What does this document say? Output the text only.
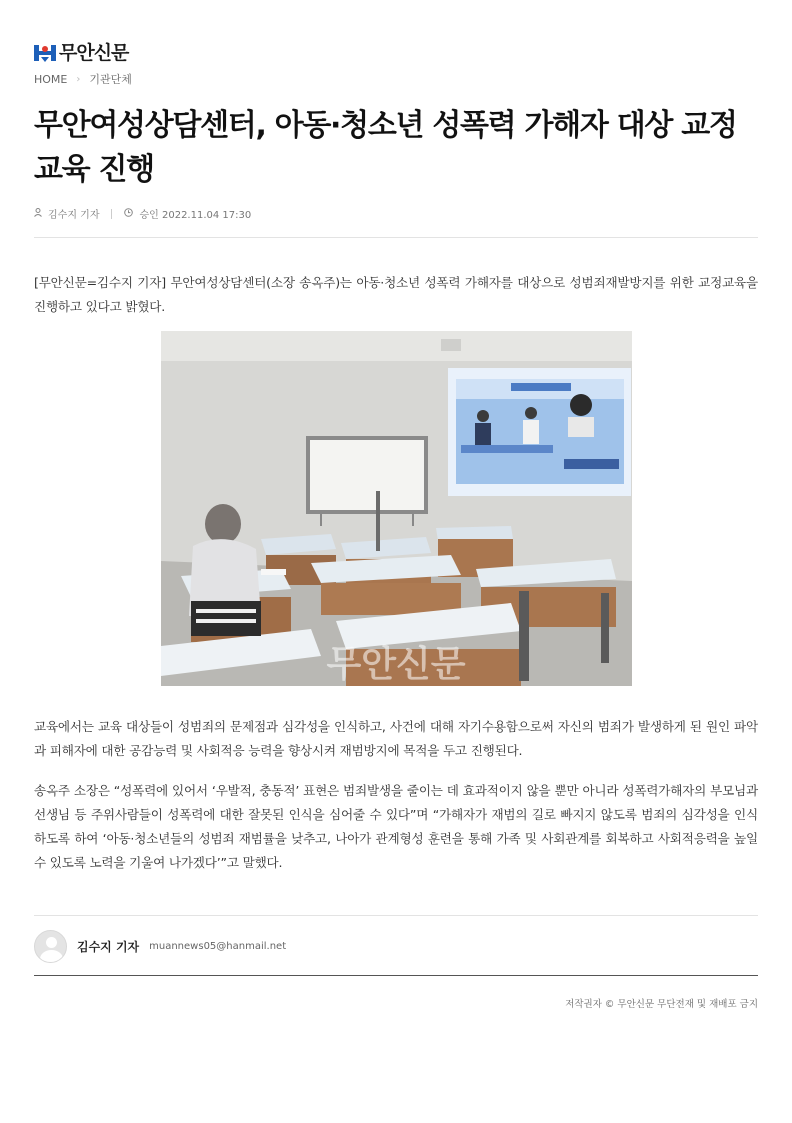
무안신문
HOME › 기관단체
무안여성상담센터, 아동·청소년 성폭력 가해자 대상 교정
교육 진행
김수지 기자	승인 2022.11.04 17:30

[무안신문=김수지 기자] 무안여성상담센터(소장 송옥주)는 아동·청소년 성폭력 가해자를 대상으로 성범죄재발방지를 위한 교정교육을 진행하고 있다고 밝혔다.

무안신문

교육에서는 교육 대상들이 성범죄의 문제점과 심각성을 인식하고, 사건에 대해 자기수용함으로써 자신의 범죄가 발생하게 된 원인 파악과 피해자에 대한 공감능력 및 사회적응 능력을 향상시켜 재범방지에 목적을 두고 진행된다.

송옥주 소장은 “성폭력에 있어서 ‘우발적, 충동적’ 표현은 범죄발생을 줄이는 데 효과적이지 않을 뿐만 아니라 성폭력가해자의 부모님과 선생님 등 주위사람들이 성폭력에 대한 잘못된 인식을 심어줄 수 있다”며 “가해자가 재범의 길로 빠지지 않도록 범죄의 심각성을 인식 하도록 하여 ‘아동·청소년들의 성범죄 재범률을 낮추고, 나아가 관계형성 훈련을 통해 가족 및 사회관계를 회복하고 사회적응력을 높일 수 있도록 노력을 기울여 나가겠다’”고 말했다.

김수지 기자 muannews05@hanmail.net
저작권자 © 무안신문 무단전재 및 재배포 금지
